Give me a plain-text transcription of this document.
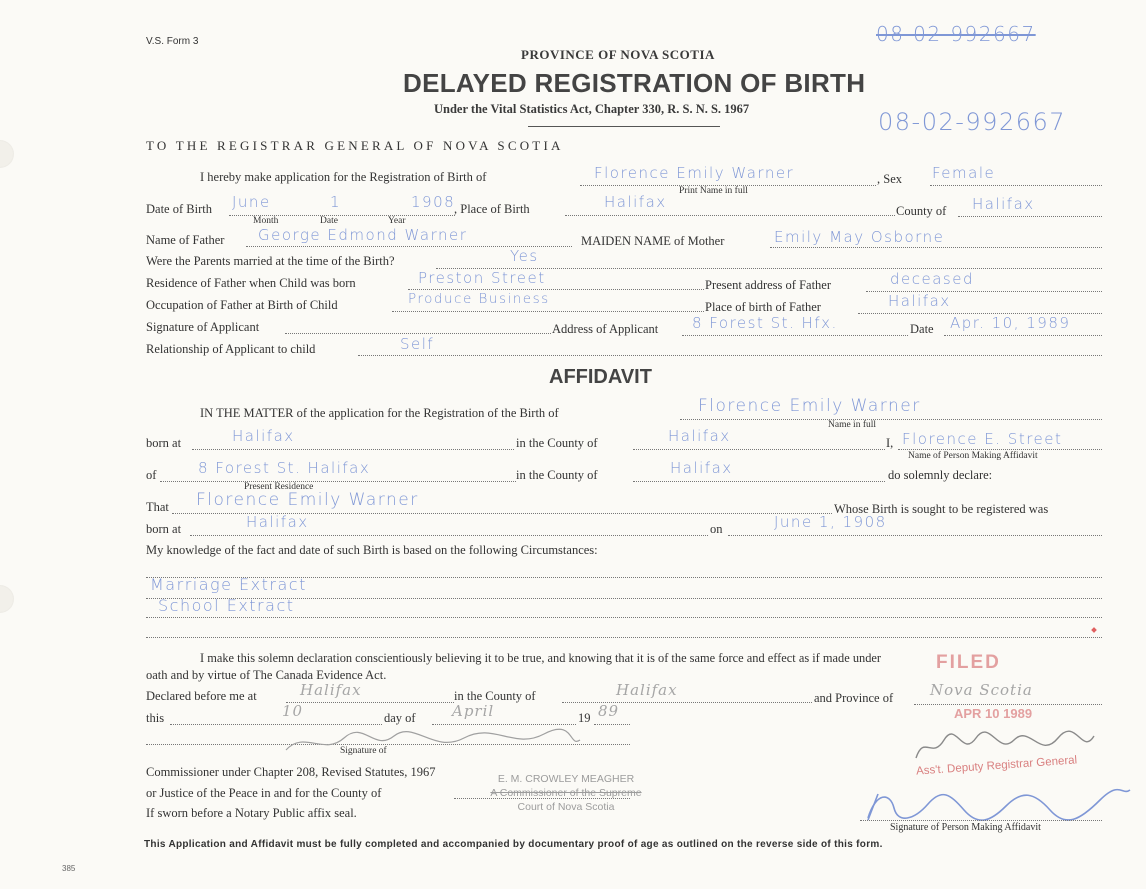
V.S. Form 3	08-02-992667
08-02-992667
PROVINCE OF NOVA SCOTIA
DELAYED REGISTRATION OF BIRTH
Under the Vital Statistics Act, Chapter 330, R. S. N. S. 1967
TO THE REGISTRAR GENERAL OF NOVA SCOTIA
I hereby make application for the Registration of Birth of	Florence Emily Warner
Print Name in full
, Sex Female
Date of Birth June	1	1908
Month	Date	Year
, Place of Birth	Halifax	County of Halifax
Name of Father George Edmond Warner	MAIDEN NAME of Mother	Emily May Osborne
Were the Parents married at the time of the Birth?	Yes
Residence of Father when Child was born	Preston Street	Present address of Father	deceased
Occupation of Father at Birth of Child	Produce Business	Place of birth of Father	Halifax
Signature of Applicant	Address of Applicant 8 Forest St. Hfx.	Date Apr. 10, 1989
Relationship of Applicant to child	Self
AFFIDAVIT
IN THE MATTER of the application for the Registration of the Birth of	Florence Emily Warner
Name in full
born at	Halifax	in the County of	Halifax	I, Florence E. Street
Name of Person Making Affidavit
of	8 Forest St. Halifax
Present Residence
in the County of	Halifax	do solemnly declare:
That Florence Emily Warner	Whose Birth is sought to be registered was
born at	Halifax	on	June 1, 1908
My knowledge of the fact and date of such Birth is based on the following Circumstances:
Marriage Extract
School Extract
I make this solemn declaration conscientiously believing it to be true, and knowing that it is of the same force and effect as if made under
oath and by virtue of The Canada Evidence Act.
Declared before me at	Halifax	in the County of	Halifax	and Province of Nova Scotia
this	10	day of April	19 89
Signature of
Commissioner under Chapter 208, Revised Statutes, 1967
or Justice of the Peace in and for the County of
If sworn before a Notary Public affix seal.
E. M. CROWLEY MEAGHER
A Commissioner of the Supreme
Court of Nova Scotia
FILED
APR 10 1989
Ass't. Deputy Registrar General
Signature of Person Making Affidavit
This Application and Affidavit must be fully completed and accompanied by documentary proof of age as outlined on the reverse side of this form.
385
